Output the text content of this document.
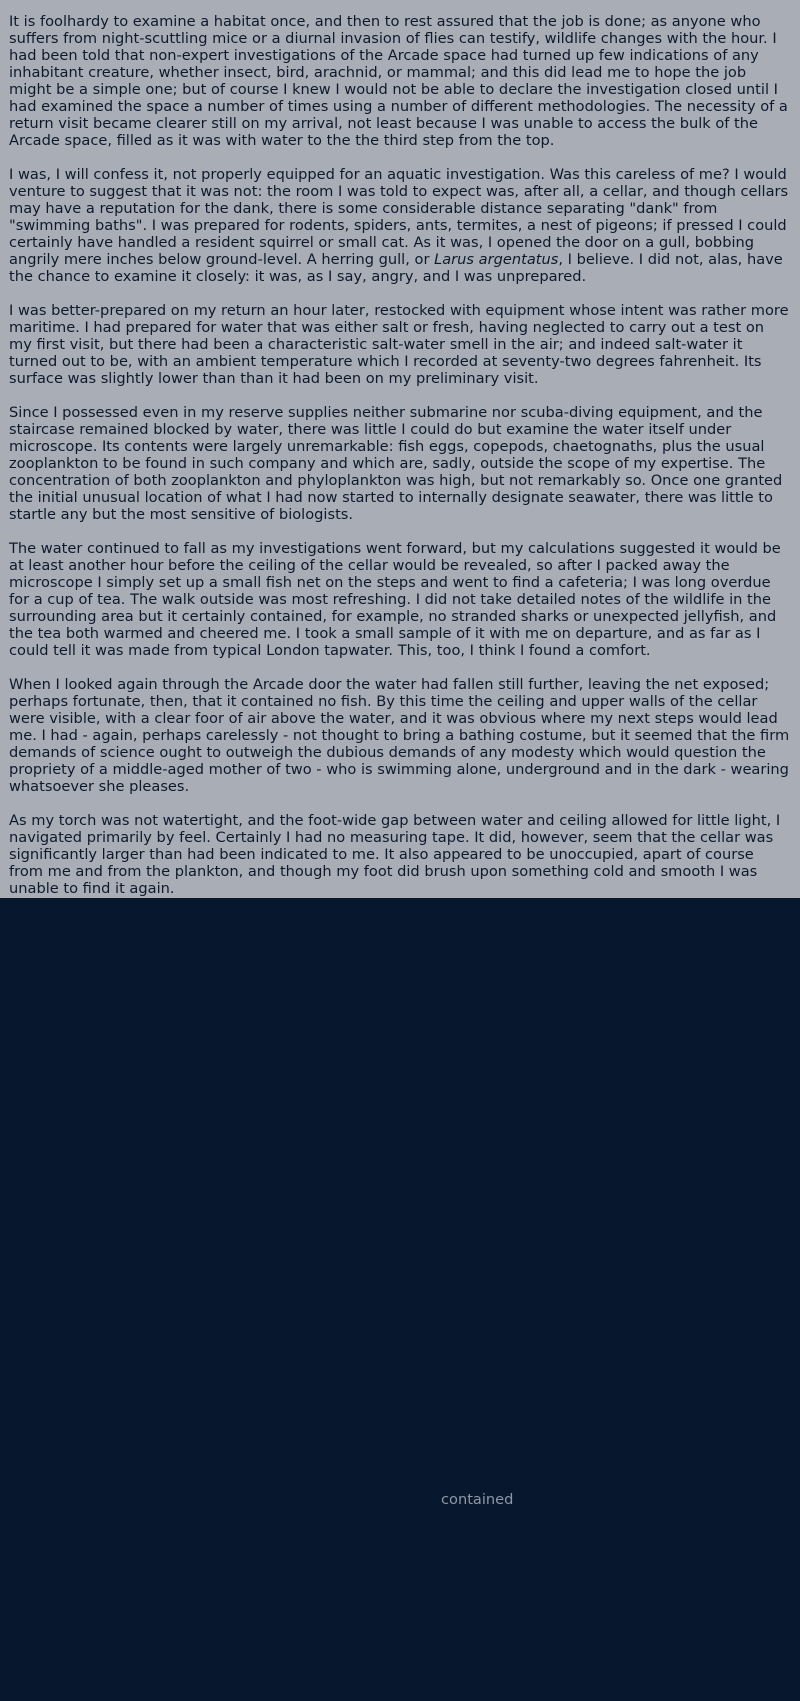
It is foolhardy to examine a habitat once, and then to rest assured that the job is done; as anyone who suffers from night-scuttling mice or a diurnal invasion of flies can testify, wildlife changes with the hour. I had been told that non-expert investigations of the Arcade space had turned up few indications of any inhabitant creature, whether insect, bird, arachnid, or mammal; and this did lead me to hope the job might be a simple one; but of course I knew I would not be able to declare the investigation closed until I had examined the space a number of times using a number of different methodologies. The necessity of a return visit became clearer still on my arrival, not least because I was unable to access the bulk of the Arcade space, filled as it was with water to the the third step from the top.

I was, I will confess it, not properly equipped for an aquatic investigation. Was this careless of me? I would venture to suggest that it was not: the room I was told to expect was, after all, a cellar, and though cellars may have a reputation for the dank, there is some considerable distance separating "dank" from "swimming baths". I was prepared for rodents, spiders, ants, termites, a nest of pigeons; if pressed I could certainly have handled a resident squirrel or small cat. As it was, I opened the door on a gull, bobbing angrily mere inches below ground-level. A herring gull, or Larus argentatus, I believe. I did not, alas, have the chance to examine it closely: it was, as I say, angry, and I was unprepared.

I was better-prepared on my return an hour later, restocked with equipment whose intent was rather more maritime. I had prepared for water that was either salt or fresh, having neglected to carry out a test on my first visit, but there had been a characteristic salt-water smell in the air; and indeed salt-water it turned out to be, with an ambient temperature which I recorded at seventy-two degrees fahrenheit. Its surface was slightly lower than than it had been on my preliminary visit.

Since I possessed even in my reserve supplies neither submarine nor scuba-diving equipment, and the staircase remained blocked by water, there was little I could do but examine the water itself under microscope. Its contents were largely unremarkable: fish eggs, copepods, chaetognaths, plus the usual zooplankton to be found in such company and which are, sadly, outside the scope of my expertise. The concentration of both zooplankton and phyloplankton was high, but not remarkably so. Once one granted the initial unusual location of what I had now started to internally designate seawater, there was little to startle any but the most sensitive of biologists.

The water continued to fall as my investigations went forward, but my calculations suggested it would be at least another hour before the ceiling of the cellar would be revealed, so after I packed away the microscope I simply set up a small fish net on the steps and went to find a cafeteria; I was long overdue for a cup of tea. The walk outside was most refreshing. I did not take detailed notes of the wildlife in the surrounding area but it certainly contained, for example, no stranded sharks or unexpected jellyfish, and the tea both warmed and cheered me. I took a small sample of it with me on departure, and as far as I could tell it was made from typical London tapwater. This, too, I think I found a comfort.

When I looked again through the Arcade door the water had fallen still further, leaving the net exposed; perhaps fortunate, then, that it contained no fish. By this time the ceiling and upper walls of the cellar were visible, with a clear foor of air above the water, and it was obvious where my next steps would lead me. I had - again, perhaps carelessly - not thought to bring a bathing costume, but it seemed that the firm demands of science ought to outweigh the dubious demands of any modesty which would question the propriety of a middle-aged mother of two - who is swimming alone, underground and in the dark - wearing whatsoever she pleases.

As my torch was not watertight, and the foot-wide gap between water and ceiling allowed for little light, I navigated primarily by feel. Certainly I had no measuring tape. It did, however, seem that the cellar was significantly larger than had been indicated to me. It also appeared to be unoccupied, apart of course from me and from the plankton, and though my foot did brush upon something cold and smooth I was unable to find it again.

contained
